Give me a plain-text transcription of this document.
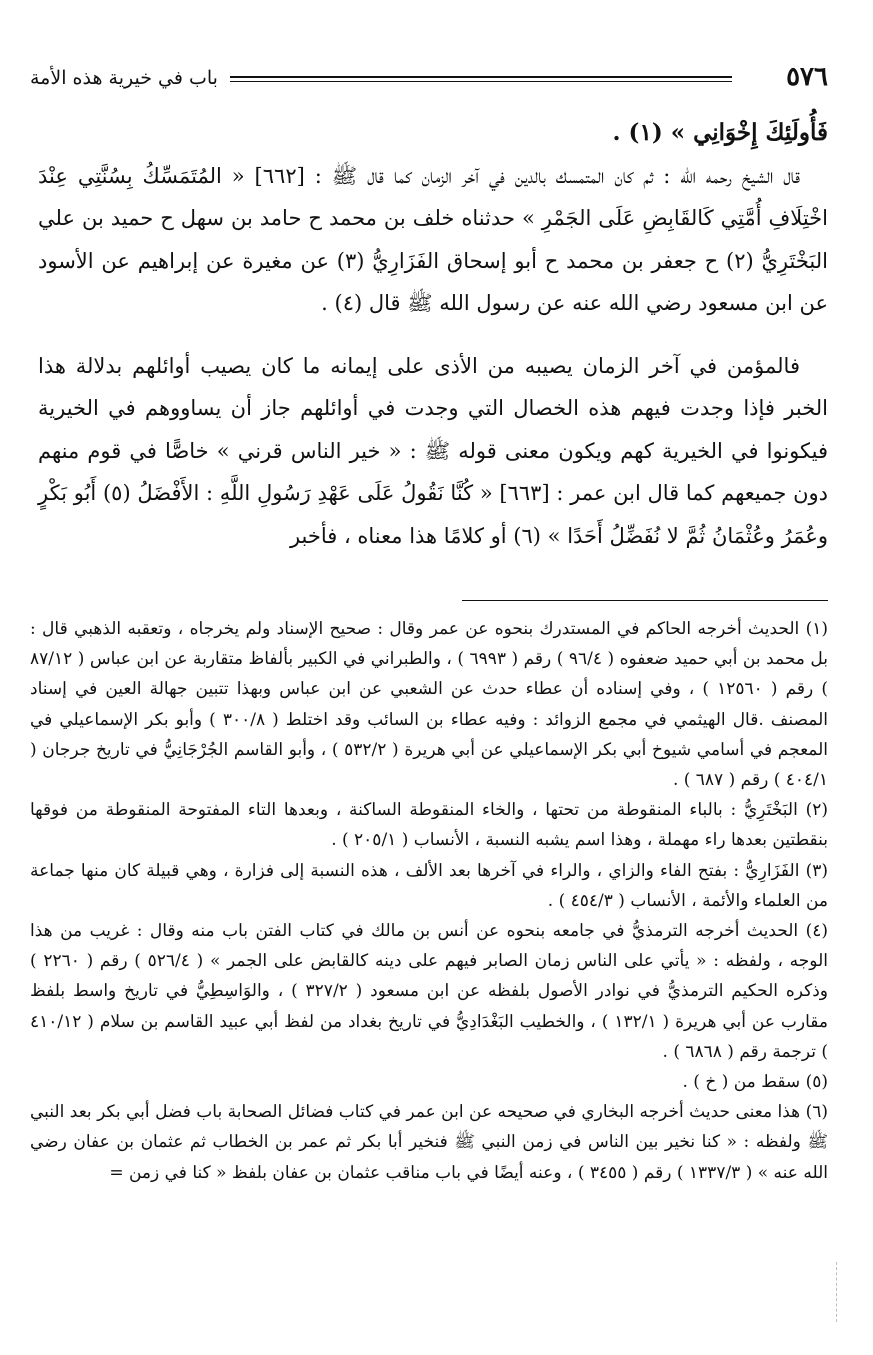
٥٧٦
باب في خيرية هذه الأمة

فَأُولَئِكَ إِخْوَانِي » (١) .

قال الشيخ رحمه الله : ثم كان المتمسك بالدين في آخر الزمان كما قال ﷺ : [٦٦٢] « المُتَمَسِّكُ بِسُنَّتِي عِنْدَ اخْتِلَافِ أُمَّتِي كَالقَابِضِ عَلَى الجَمْرِ » حدثناه خلف بن محمد ح حامد بن سهل ح حميد بن علي البَخْتَرِيُّ (٢) ح جعفر بن محمد ح أبو إسحاق الفَزَارِيُّ (٣) عن مغيرة عن إبراهيم عن الأسود عن ابن مسعود رضي الله عنه عن رسول الله ﷺ قال (٤) .

فالمؤمن في آخر الزمان يصيبه من الأذى على إيمانه ما كان يصيب أوائلهم بدلالة هذا الخبر فإذا وجدت فيهم هذه الخصال التي وجدت في أوائلهم جاز أن يساووهم في الخيرية فيكونوا في الخيرية كهم ويكون معنى قوله ﷺ : « خير الناس قرني » خاصًّا في قوم منهم دون جميعهم كما قال ابن عمر : [٦٦٣] « كُنَّا نَقُولُ عَلَى عَهْدِ رَسُولِ اللَّهِ : الأَفْضَلُ (٥) أَبُو بَكْرٍ وعُمَرُ وعُثْمَانُ ثُمَّ لا نُفَضِّلُ أَحَدًا » (٦) أو كلامًا هذا معناه ، فأخبر

(١) الحديث أخرجه الحاكم في المستدرك بنحوه عن عمر وقال : صحيح الإسناد ولم يخرجاه ، وتعقبه الذهبي قال : بل محمد بن أبي حميد ضعفوه ( ٩٦/٤ ) رقم ( ٦٩٩٣ ) ، والطبراني في الكبير بألفاظ متقاربة عن ابن عباس ( ٨٧/١٢ ) رقم ( ١٢٥٦٠ ) ، وفي إسناده أن عطاء حدث عن الشعبي عن ابن عباس وبهذا تتبين جهالة العين في إسناد المصنف .قال الهيثمي في مجمع الزوائد : وفيه عطاء بن السائب وقد اختلط ( ٣٠٠/٨ ) وأبو بكر الإسماعيلي في المعجم في أسامي شيوخ أبي بكر الإسماعيلي عن أبي هريرة ( ٥٣٢/٢ ) ، وأبو القاسم الجُرْجَانِيُّ في تاريخ جرجان ( ٤٠٤/١ ) رقم ( ٦٨٧ ) .

(٢) البَخْتَرِيُّ : بالباء المنقوطة من تحتها ، والخاء المنقوطة الساكنة ، وبعدها التاء المفتوحة المنقوطة من فوقها بنقطتين بعدها راء مهملة ، وهذا اسم يشبه النسبة ، الأنساب ( ٢٠٥/١ ) .

(٣) الفَزَارِيُّ : بفتح الفاء والزاي ، والراء في آخرها بعد الألف ، هذه النسبة إلى فزارة ، وهي قبيلة كان منها جماعة من العلماء والأئمة ، الأنساب ( ٤٥٤/٣ ) .

(٤) الحديث أخرجه الترمذيُّ في جامعه بنحوه عن أنس بن مالك في كتاب الفتن باب منه وقال : غريب من هذا الوجه ، ولفظه : « يأتي على الناس زمان الصابر فيهم على دينه كالقابض على الجمر » ( ٥٢٦/٤ ) رقم ( ٢٢٦٠ ) وذكره الحكيم الترمذيُّ في نوادر الأصول بلفظه عن ابن مسعود ( ٣٢٧/٢ ) ، والوَاسِطِيُّ في تاريخ واسط بلفظ مقارب عن أبي هريرة ( ١٣٢/١ ) ، والخطيب البَغْدَادِيُّ في تاريخ بغداد من لفظ أبي عبيد القاسم بن سلام ( ٤١٠/١٢ ) ترجمة رقم ( ٦٨٦٨ ) .

(٥) سقط من ( خ ) .

(٦) هذا معنى حديث أخرجه البخاري في صحيحه عن ابن عمر في كتاب فضائل الصحابة باب فضل أبي بكر بعد النبي ﷺ ولفظه : « كنا نخير بين الناس في زمن النبي ﷺ فنخير أبا بكر ثم عمر بن الخطاب ثم عثمان بن عفان رضي الله عنه » ( ١٣٣٧/٣ ) رقم ( ٣٤٥٥ ) ، وعنه أيضًا في باب مناقب عثمان بن عفان بلفظ « كنا في زمن =
